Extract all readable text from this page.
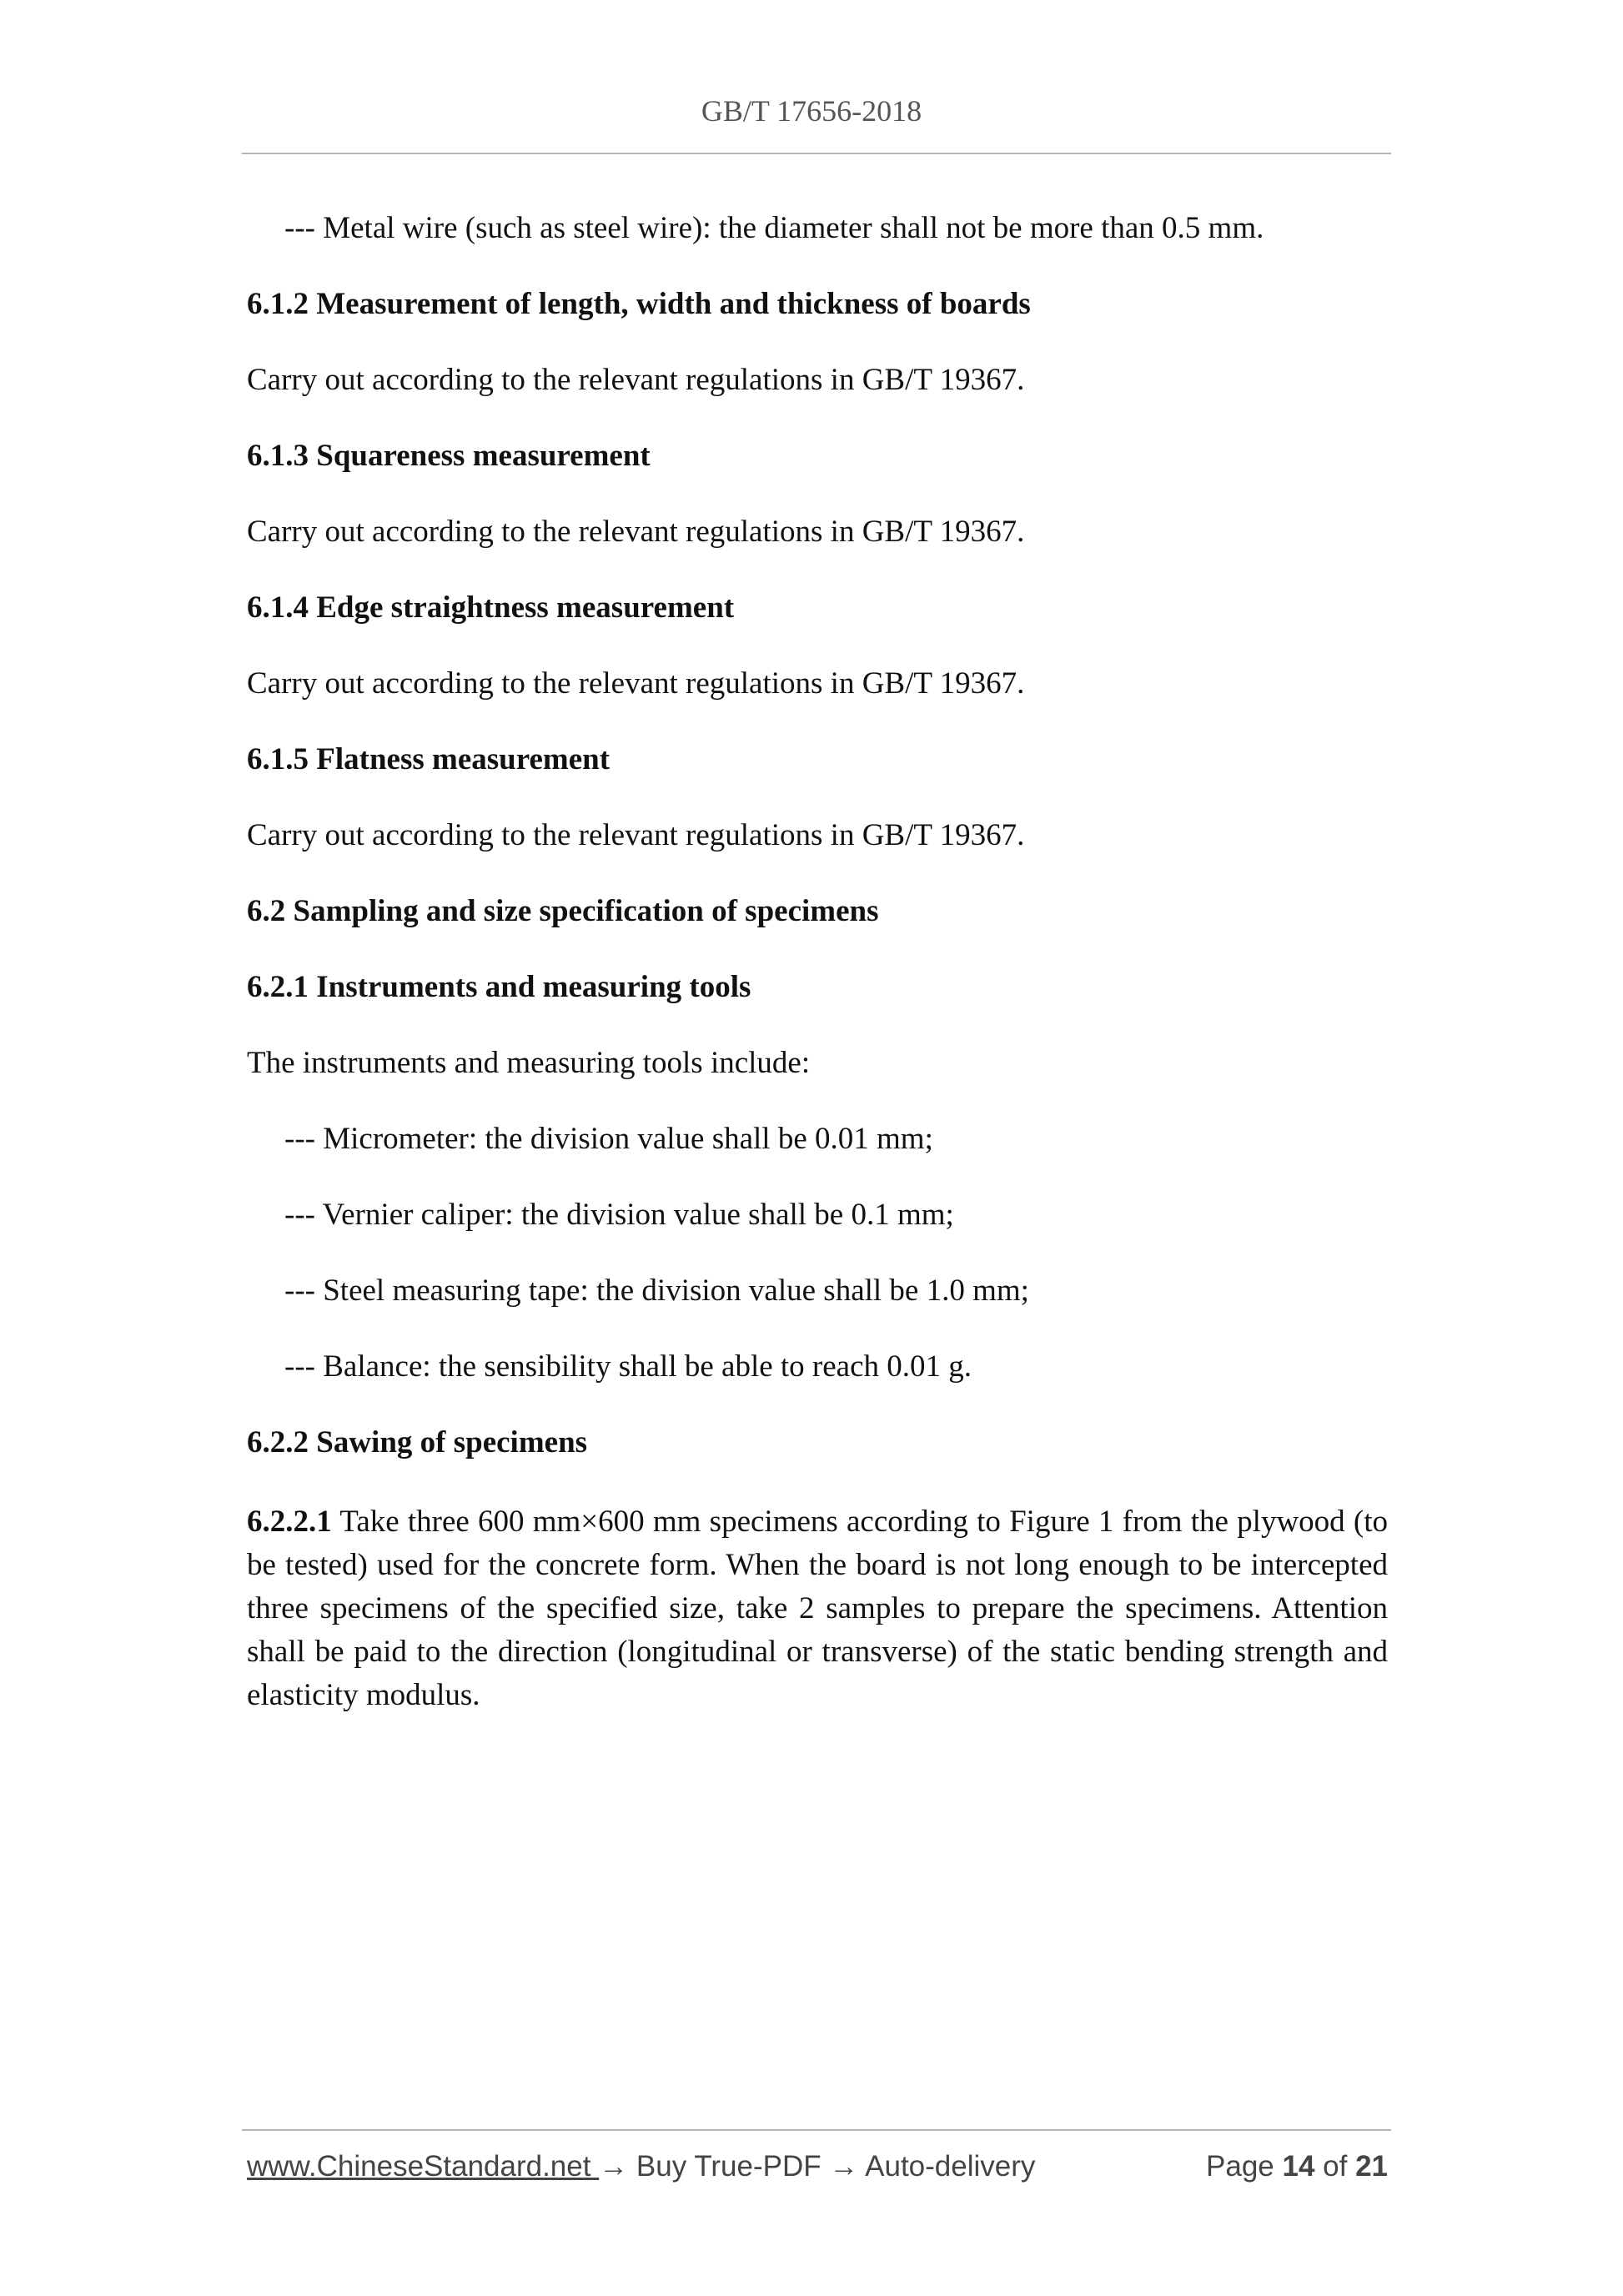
GB/T 17656-2018
--- Metal wire (such as steel wire): the diameter shall not be more than 0.5 mm.
6.1.2 Measurement of length, width and thickness of boards
Carry out according to the relevant regulations in GB/T 19367.
6.1.3 Squareness measurement
Carry out according to the relevant regulations in GB/T 19367.
6.1.4 Edge straightness measurement
Carry out according to the relevant regulations in GB/T 19367.
6.1.5 Flatness measurement
Carry out according to the relevant regulations in GB/T 19367.
6.2 Sampling and size specification of specimens
6.2.1 Instruments and measuring tools
The instruments and measuring tools include:
--- Micrometer: the division value shall be 0.01 mm;
--- Vernier caliper: the division value shall be 0.1 mm;
--- Steel measuring tape: the division value shall be 1.0 mm;
--- Balance: the sensibility shall be able to reach 0.01 g.
6.2.2 Sawing of specimens
6.2.2.1 Take three 600 mm×600 mm specimens according to Figure 1 from the plywood (to be tested) used for the concrete form. When the board is not long enough to be intercepted three specimens of the specified size, take 2 samples to prepare the specimens. Attention shall be paid to the direction (longitudinal or transverse) of the static bending strength and elasticity modulus.
www.ChineseStandard.net → Buy True-PDF → Auto-delivery	Page 14 of 21
